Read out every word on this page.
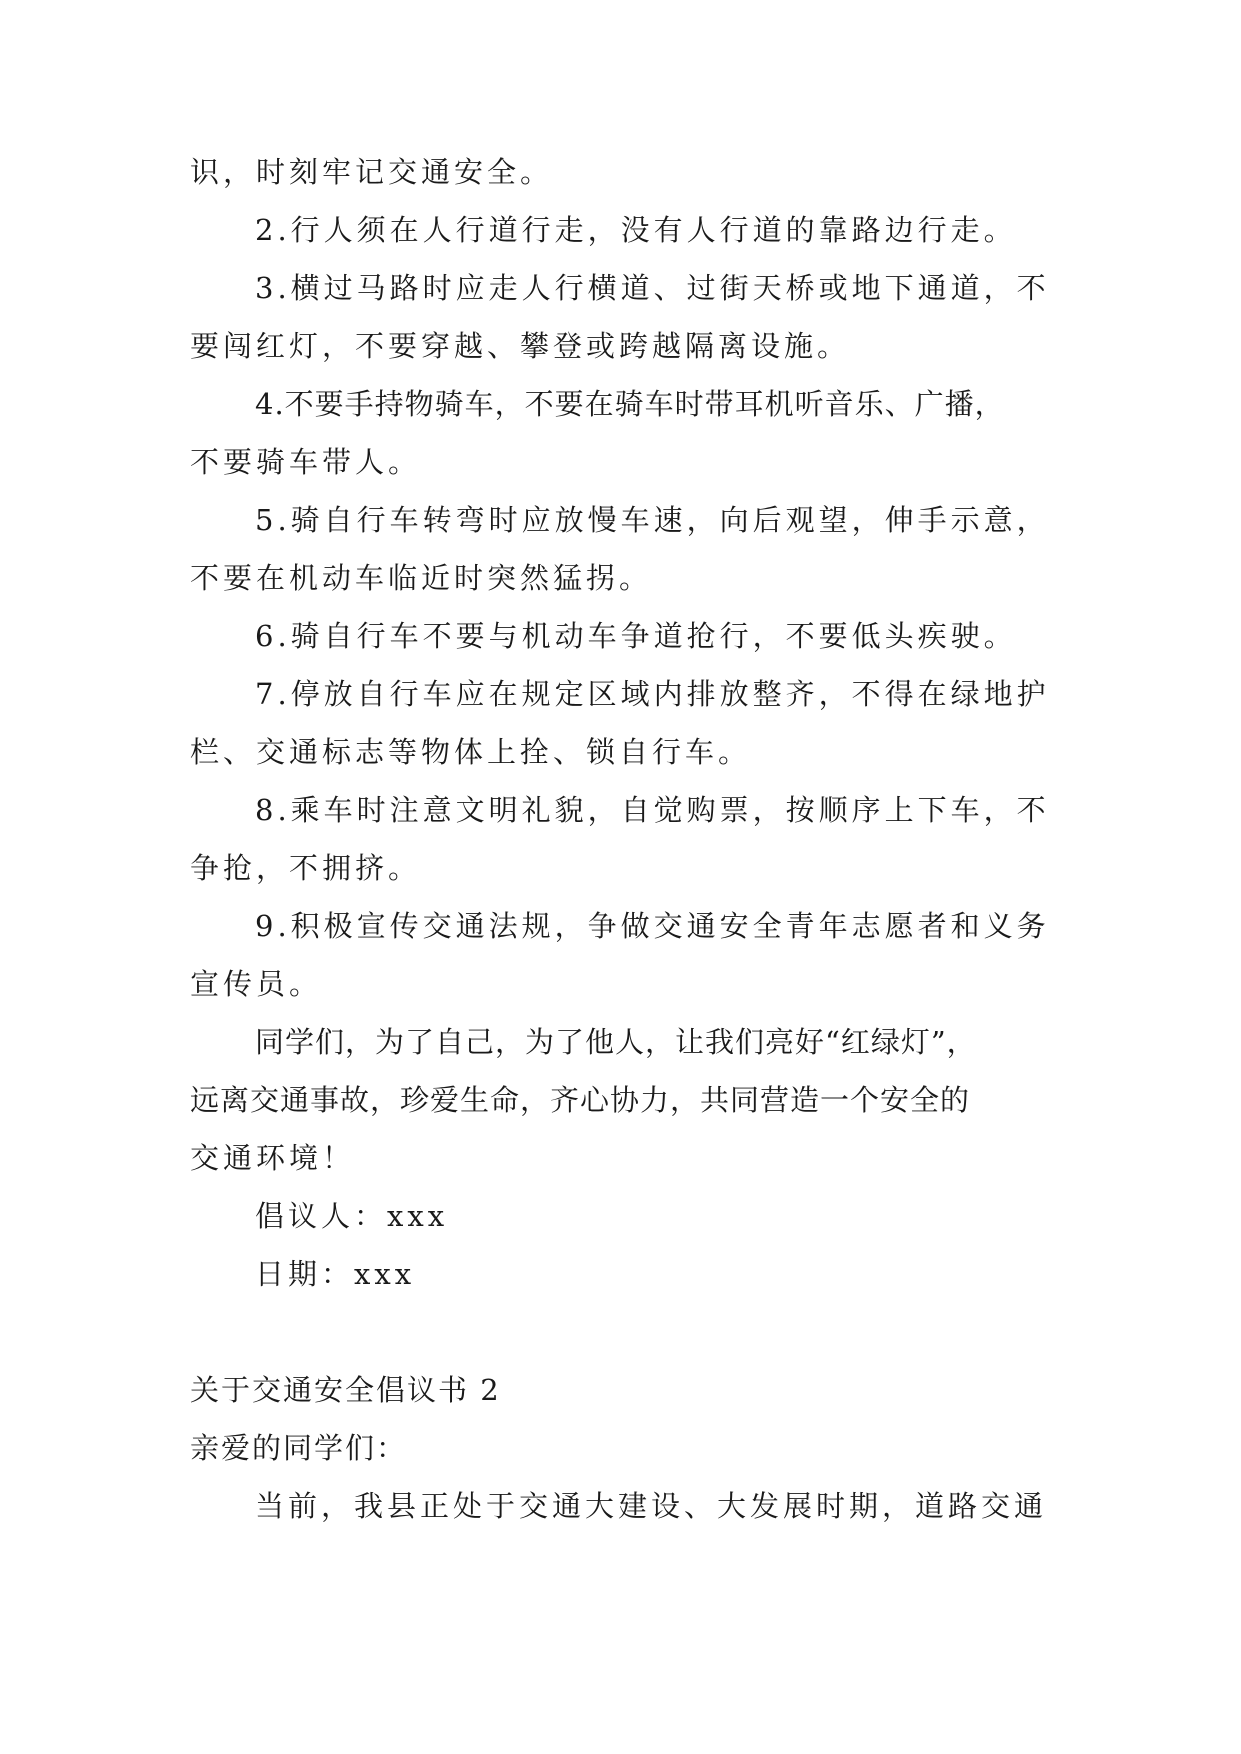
识，时刻牢记交通安全。

2.行人须在人行道行走，没有人行道的靠路边行走。

3.横过马路时应走人行横道、过街天桥或地下通道，不

要闯红灯，不要穿越、攀登或跨越隔离设施。

4.不要手持物骑车，不要在骑车时带耳机听音乐、广播，

不要骑车带人。

5.骑自行车转弯时应放慢车速，向后观望，伸手示意，

不要在机动车临近时突然猛拐。

6.骑自行车不要与机动车争道抢行，不要低头疾驶。

7.停放自行车应在规定区域内排放整齐，不得在绿地护

栏、交通标志等物体上拴、锁自行车。

8.乘车时注意文明礼貌，自觉购票，按顺序上下车，不

争抢，不拥挤。

9.积极宣传交通法规，争做交通安全青年志愿者和义务

宣传员。

同学们，为了自己，为了他人，让我们亮好“红绿灯”，

远离交通事故，珍爱生命，齐心协力，共同营造一个安全的

交通环境！

倡议人：xxx

日期：xxx

关于交通安全倡议书 2

亲爱的同学们：

当前，我县正处于交通大建设、大发展时期，道路交通
